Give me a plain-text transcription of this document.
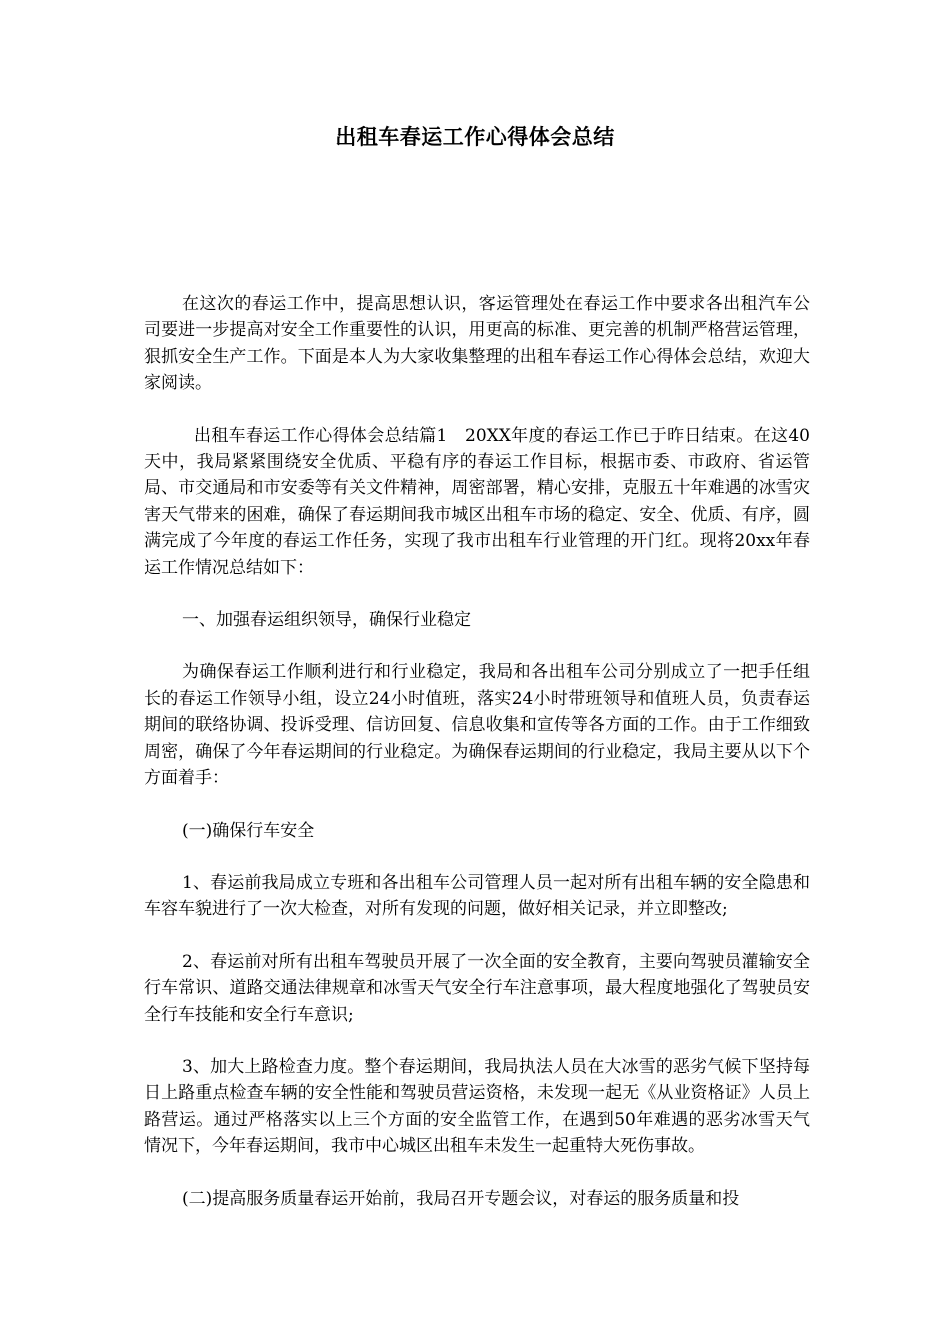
出租车春运工作心得体会总结

在这次的春运工作中，提高思想认识，客运管理处在春运工作中要求各出租汽车公司要进一步提高对安全工作重要性的认识，用更高的标准、更完善的机制严格营运管理，狠抓安全生产工作。下面是本人为大家收集整理的出租车春运工作心得体会总结，欢迎大家阅读。

出租车春运工作心得体会总结篇1　20XX年度的春运工作已于昨日结束。在这40天中，我局紧紧围绕安全优质、平稳有序的春运工作目标，根据市委、市政府、省运管局、市交通局和市安委等有关文件精神，周密部署，精心安排，克服五十年难遇的冰雪灾害天气带来的困难，确保了春运期间我市城区出租车市场的稳定、安全、优质、有序，圆满完成了今年度的春运工作任务，实现了我市出租车行业管理的开门红。现将20xx年春运工作情况总结如下：

一、加强春运组织领导，确保行业稳定

为确保春运工作顺利进行和行业稳定，我局和各出租车公司分别成立了一把手任组长的春运工作领导小组，设立24小时值班，落实24小时带班领导和值班人员，负责春运期间的联络协调、投诉受理、信访回复、信息收集和宣传等各方面的工作。由于工作细致周密，确保了今年春运期间的行业稳定。为确保春运期间的行业稳定，我局主要从以下个方面着手：

(一)确保行车安全

1、春运前我局成立专班和各出租车公司管理人员一起对所有出租车辆的安全隐患和车容车貌进行了一次大检查，对所有发现的问题，做好相关记录，并立即整改;

2、春运前对所有出租车驾驶员开展了一次全面的安全教育，主要向驾驶员灌输安全行车常识、道路交通法律规章和冰雪天气安全行车注意事项，最大程度地强化了驾驶员安全行车技能和安全行车意识;

3、加大上路检查力度。整个春运期间，我局执法人员在大冰雪的恶劣气候下坚持每日上路重点检查车辆的安全性能和驾驶员营运资格，未发现一起无《从业资格证》人员上路营运。通过严格落实以上三个方面的安全监管工作，在遇到50年难遇的恶劣冰雪天气情况下，今年春运期间，我市中心城区出租车未发生一起重特大死伤事故。

(二)提高服务质量春运开始前，我局召开专题会议，对春运的服务质量和投
